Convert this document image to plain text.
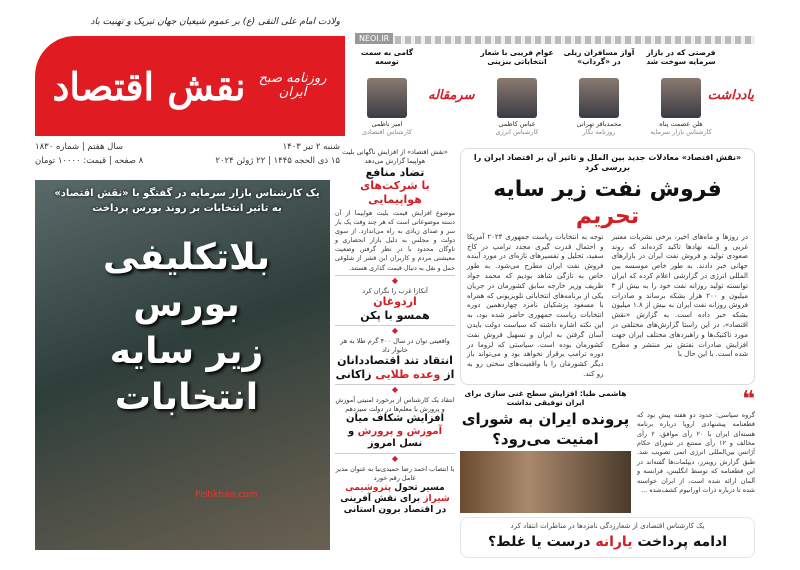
ولادت امام علی النقی (ع) بر عموم شیعیان جهان تبریک و تهنیت باد
روزنامه صبح ایران
نقش اقتصاد
شنبه ۲ تیر ۱۴۰۳
۱۵ ذی الحجه ۱۴۴۵ | ۲۲ ژوئن ۲۰۲۴
سال هفتم | شماره ۱۸۳۰
۸ صفحه | قیمت: ۱۰۰۰۰ تومان
NEOI.IR
یادداشت
فرصتی که در بازار سرمایه سوخت شد
هلن عصمت پناه
کارشناس بازار سرمایه
آواز مسافران ریلی در «گرداب»
محمدباقر تهرانی
روزنامه نگار
عوام فریبی با شعار انتخاباتی بنزینی
عباس کاظمی
کارشناس انرژی
سرمقاله
گامی به سمت توسعه
امیر ناظمی
کارشناس اقتصادی
«نقش اقتصاد» معادلات جدید بین الملل و تاثیر آن بر اقتصاد ایران را بررسی کرد
فروش نفت زیر سایه تحریم

در روزها و ماه‌های اخیر، برخی نشریات معتبر غربی و البته نهادها تاکید کرده‌اند که روند صعودی تولید و فروش نفت ایران در بازارهای جهانی خبر دادند. به طور خاص موسسه بین المللی انرژی در گزارشی اعلام کرده که ایران توانسته تولید روزانه نفت خود را به بیش از ۳ میلیون و ۲۰۰ هزار بشکه برساند و صادرات فروش روزانه نفت ایران به بیش از ۱.۸ میلیون بشکه خبر داده است. به گزارش «نقش اقتصاد»، در این راستا گزارش‌های مختلفی در مورد تاکتیک‌ها و راهبردهای مختلف ایران جهت افزایش صادرات نفتش نیز منتشر و مطرح شده است. با این حال با

توجه به انتخابات ریاست جمهوری ۲۰۲۴ آمریکا و احتمال قدرت گیری مجدد ترامپ در کاخ سفید، تحلیل و تفسیرهای تازه‌ای در مورد آینده فروش نفت ایران مطرح می‌شود. به طور خاص به تازگی شاهد بودیم که محمد جواد ظریف وزیر خارجه سابق کشورمان در جریان یکی از برنامه‌های انتخاباتی تلویزیونی که همراه با مسعود پزشکیان نامزد چهاردهمین دوره انتخابات ریاست جمهوری حاضر شده بود، به این نکته اشاره داشته که سیاست دولت بایدن آسان گرفتن به ایران و تسهیل فروش نفت کشورمان بوده است. سیاستی که لزوما در دوره ترامپ برقرار نخواهد بود و می‌تواند باز دیگر کشورمان را با واقعیت‌های سختی رو به رو کند.

❝
گروه سیاسی: حدود دو هفته پیش بود که قطعنامه پیشنهادی اروپا درباره برنامه هسته‌ای ایران با ۲۰ رأی موافق، ۲ رأی مخالف و ۱۲ رأی ممتنع در شورای حکام آژانس بین‌المللی انرژی اتمی تصویب شد. طبق گزارش رویترز، دیپلمات‌ها گفته‌اند در این قطعنامه که توسط انگلیس، فرانسه و آلمان ارائه شده است، از ایران خواسته شده تا درباره ذرات اورانیوم کشف‌شده ...
هاشمی طبا: افزایش سطح غنی سازی برای ایران توفیقی نداشت
پرونده ایران به شورای امنیت می‌رود؟
یک کارشناس اقتصادی از شعارزدگی نامزدها در مناظرات انتقاد کرد
ادامه پرداخت یارانه درست یا غلط؟
«نقش اقتصاد» از افزایش ناگهانی بلیت هواپیما گزارش می‌دهد
تضاد منافع
با شرکت‌های هواپیمایی
موضوع افزایش قیمت بلیت هواپیما از آن دسته موضوعاتی است که هر چند وقت یک بار سر و صدای زیادی به راه می‌اندازد. از سوی دولت و مجلس به دلیل بازار انحصاری و ناوگان محدود با در نظر گرفتن وضعیت معیشتی مردم و کاربران این قشر از شلوغی حمل و نقل به دنبال قیمت گذاری هستند.
◆
آنکارا غرب را نگران کرد
اردوغان
همسو با پکن
◆
واقعیتی توان در سال ۴۰۰ گرم طلا به هر خانوار داد
انتقاد تند اقتصاددانان از وعده طلایی زاکانی
◆
انتقاد یک کارشناس از برخورد امنیتی آموزش و پرورش با معلم‌ها در دولت سیزدهم
افزایش شکاف میان آموزش و پرورش و نسل امروز
◆
با انتصاب احمد رضا حمیدی‌نیا به عنوان مدیر عامل رقم خورد
مسیر تحول پتروشیمی شیراز برای نقش آفرینی در اقتصاد برون استانی
یک کارشناس بازار سرمایه در گفتگو با «نقش اقتصاد» به تاثیر انتخابات بر روند بورس پرداخت
بلاتکلیفی
بورس
زیر سایه
انتخابات
Pishkhan.com
